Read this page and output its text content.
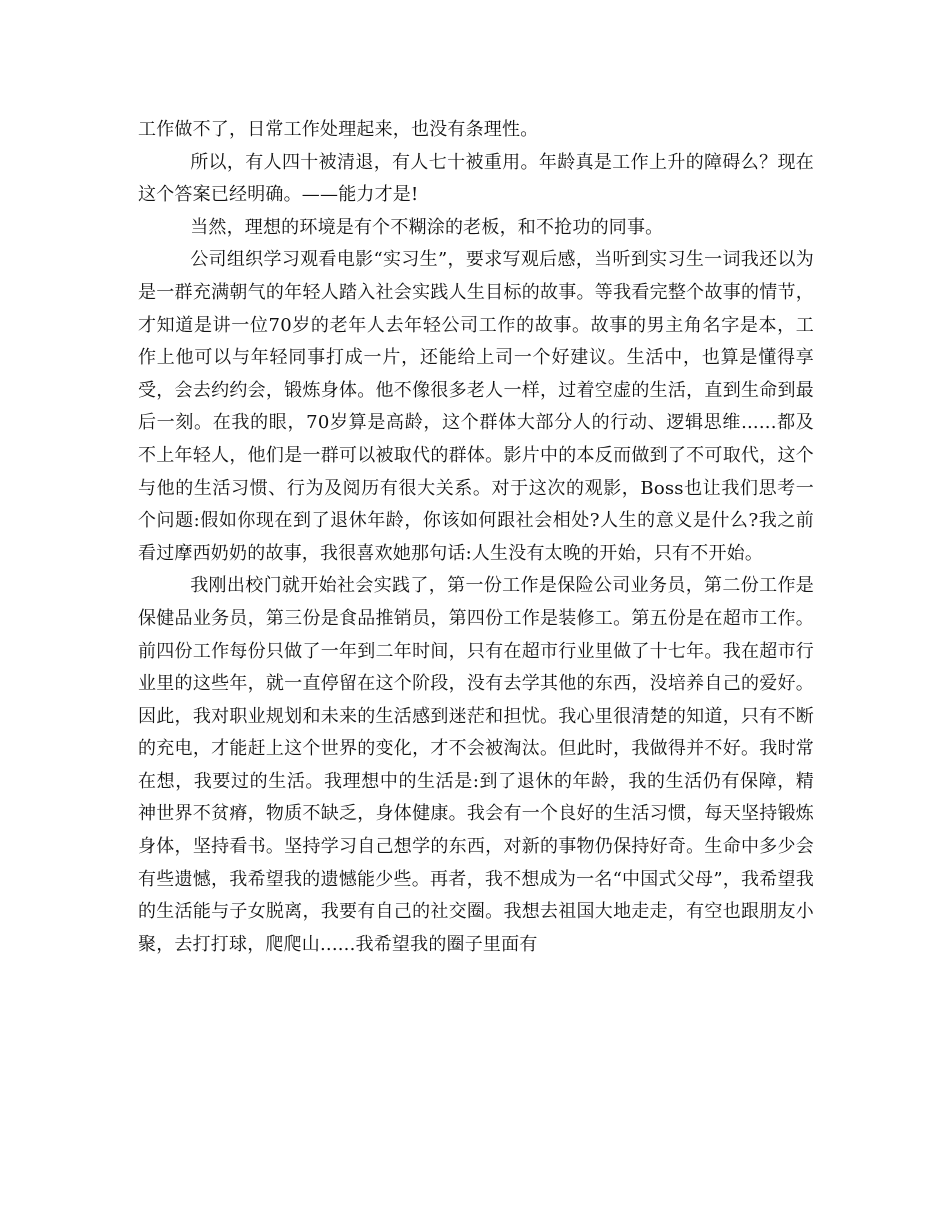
工作做不了，日常工作处理起来，也没有条理性。

所以，有人四十被清退，有人七十被重用。年龄真是工作上升的障碍么？现在这个答案已经明确。——能力才是!

当然，理想的环境是有个不糊涂的老板，和不抢功的同事。

公司组织学习观看电影“实习生”，要求写观后感，当听到实习生一词我还以为是一群充满朝气的年轻人踏入社会实践人生目标的故事。等我看完整个故事的情节，才知道是讲一位70岁的老年人去年轻公司工作的故事。故事的男主角名字是本，工作上他可以与年轻同事打成一片，还能给上司一个好建议。生活中，也算是懂得享受，会去约约会，锻炼身体。他不像很多老人一样，过着空虚的生活，直到生命到最后一刻。在我的眼，70岁算是高龄，这个群体大部分人的行动、逻辑思维......都及不上年轻人，他们是一群可以被取代的群体。影片中的本反而做到了不可取代，这个与他的生活习惯、行为及阅历有很大关系。对于这次的观影，Boss也让我们思考一个问题:假如你现在到了退休年龄，你该如何跟社会相处?人生的意义是什么?我之前看过摩西奶奶的故事，我很喜欢她那句话:人生没有太晚的开始，只有不开始。

我刚出校门就开始社会实践了，第一份工作是保险公司业务员，第二份工作是保健品业务员，第三份是食品推销员，第四份工作是装修工。第五份是在超市工作。前四份工作每份只做了一年到二年时间，只有在超市行业里做了十七年。我在超市行业里的这些年，就一直停留在这个阶段，没有去学其他的东西，没培养自己的爱好。因此，我对职业规划和未来的生活感到迷茫和担忧。我心里很清楚的知道，只有不断的充电，才能赶上这个世界的变化，才不会被淘汰。但此时，我做得并不好。我时常在想，我要过的生活。我理想中的生活是:到了退休的年龄，我的生活仍有保障，精神世界不贫瘠，物质不缺乏，身体健康。我会有一个良好的生活习惯，每天坚持锻炼身体，坚持看书。坚持学习自己想学的东西，对新的事物仍保持好奇。生命中多少会有些遗憾，我希望我的遗憾能少些。再者，我不想成为一名“中国式父母”，我希望我的生活能与子女脱离，我要有自己的社交圈。我想去祖国大地走走，有空也跟朋友小聚，去打打球，爬爬山......我希望我的圈子里面有
